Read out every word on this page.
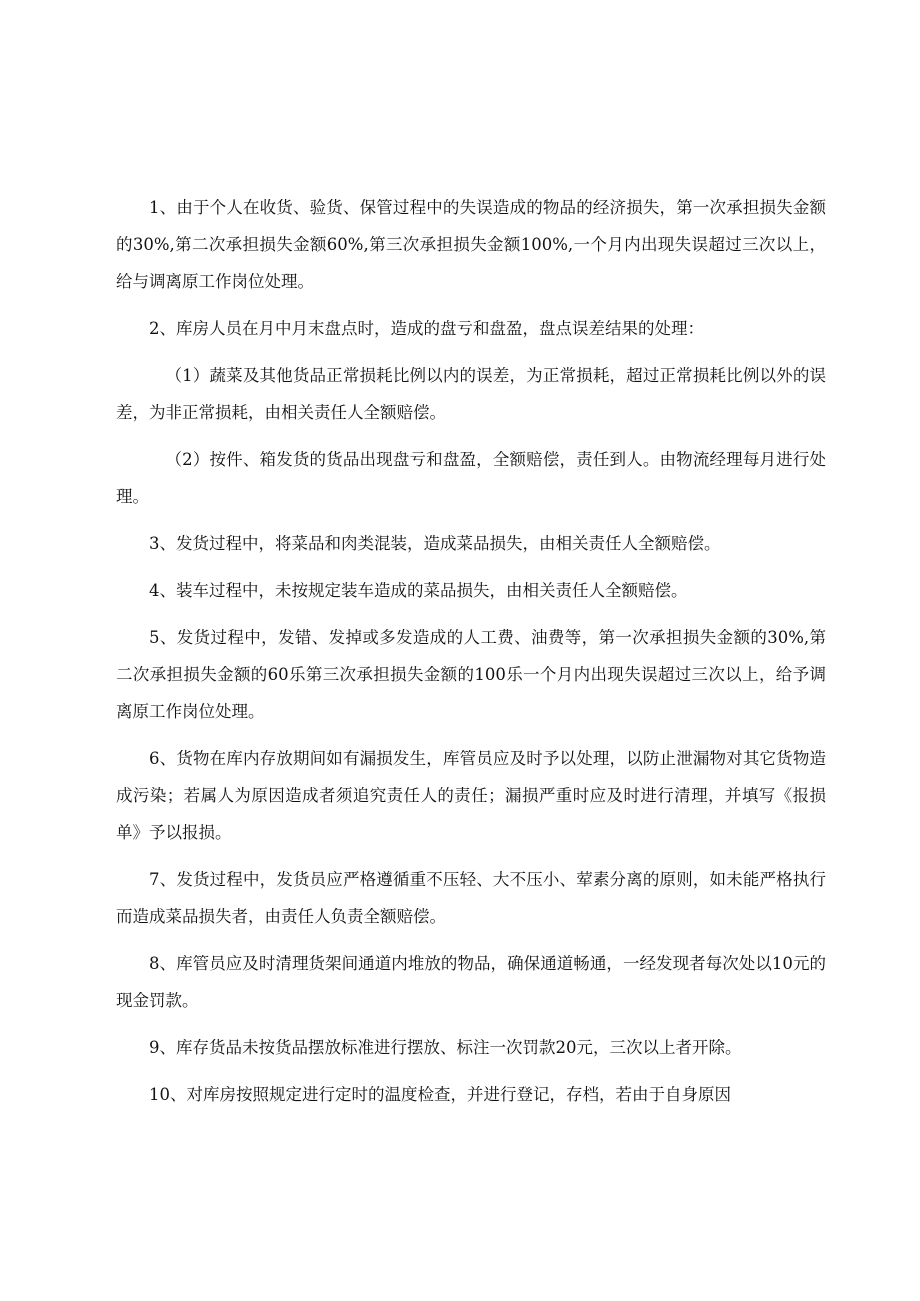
1、由于个人在收货、验货、保管过程中的失误造成的物品的经济损失，第一次承担损失金额的30%,第二次承担损失金额60%,第三次承担损失金额100%,一个月内出现失误超过三次以上，给与调离原工作岗位处理。

2、库房人员在月中月末盘点时，造成的盘亏和盘盈，盘点误差结果的处理：

（1）蔬菜及其他货品正常损耗比例以内的误差，为正常损耗，超过正常损耗比例以外的误差，为非正常损耗，由相关责任人全额赔偿。

（2）按件、箱发货的货品出现盘亏和盘盈，全额赔偿，责任到人。由物流经理每月进行处理。

3、发货过程中，将菜品和肉类混装，造成菜品损失，由相关责任人全额赔偿。

4、装车过程中，未按规定装车造成的菜品损失，由相关责任人全额赔偿。

5、发货过程中，发错、发掉或多发造成的人工费、油费等，第一次承担损失金额的30%,第二次承担损失金额的60乐第三次承担损失金额的100乐一个月内出现失误超过三次以上，给予调离原工作岗位处理。

6、货物在库内存放期间如有漏损发生，库管员应及时予以处理，以防止泄漏物对其它货物造成污染；若属人为原因造成者须追究责任人的责任；漏损严重时应及时进行清理，并填写《报损单》予以报损。

7、发货过程中，发货员应严格遵循重不压轻、大不压小、荤素分离的原则，如未能严格执行而造成菜品损失者，由责任人负责全额赔偿。

8、库管员应及时清理货架间通道内堆放的物品，确保通道畅通，一经发现者每次处以10元的现金罚款。

9、库存货品未按货品摆放标准进行摆放、标注一次罚款20元，三次以上者开除。

10、对库房按照规定进行定时的温度检查，并进行登记，存档，若由于自身原因
